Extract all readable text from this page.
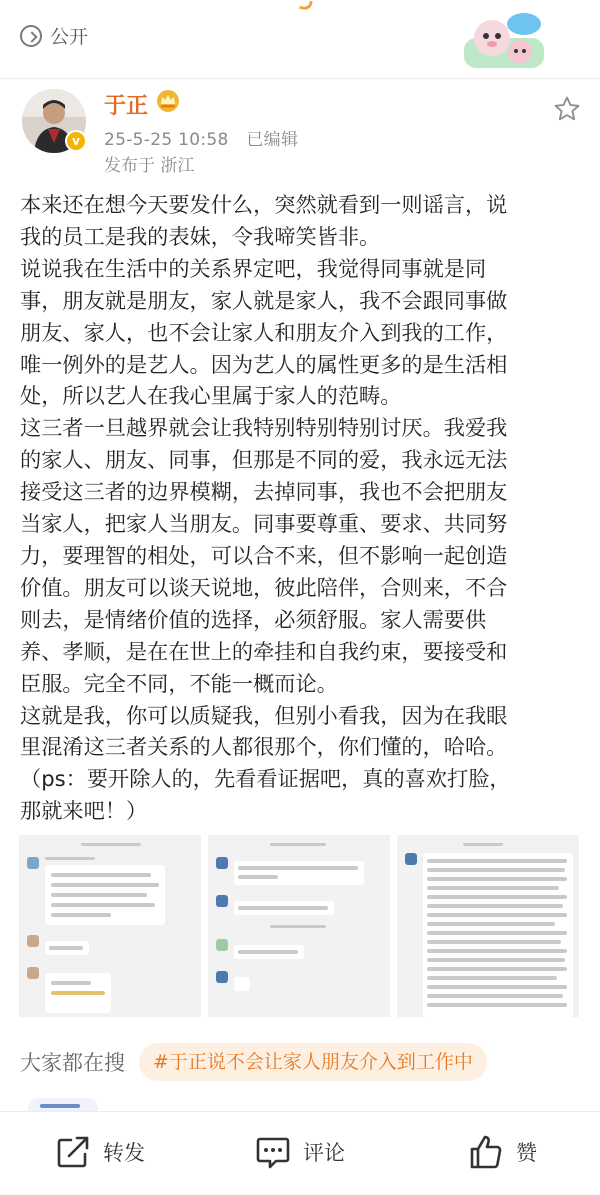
公开
v
于正
25-5-25 10:58 已编辑
发布于 浙江

本来还在想今天要发什么，突然就看到一则谣言，说

我的员工是我的表妹，令我啼笑皆非。

说说我在生活中的关系界定吧，我觉得同事就是同

事，朋友就是朋友，家人就是家人，我不会跟同事做

朋友、家人，也不会让家人和朋友介入到我的工作，

唯一例外的是艺人。因为艺人的属性更多的是生活相

处，所以艺人在我心里属于家人的范畴。

这三者一旦越界就会让我特别特别特别讨厌。我爱我

的家人、朋友、同事，但那是不同的爱，我永远无法

接受这三者的边界模糊，去掉同事，我也不会把朋友

当家人，把家人当朋友。同事要尊重、要求、共同努

力，要理智的相处，可以合不来，但不影响一起创造

价值。朋友可以谈天说地，彼此陪伴，合则来，不合

则去，是情绪价值的选择，必须舒服。家人需要供

养、孝顺，是在在世上的牵挂和自我约束，要接受和

臣服。完全不同，不能一概而论。

这就是我，你可以质疑我，但别小看我，因为在我眼

里混淆这三者关系的人都很那个，你们懂的，哈哈。

（ps：要开除人的，先看看证据吧，真的喜欢打脸，

那就来吧！）

大家都在搜	#于正说不会让家人朋友介入到工作中
转发	评论	赞
